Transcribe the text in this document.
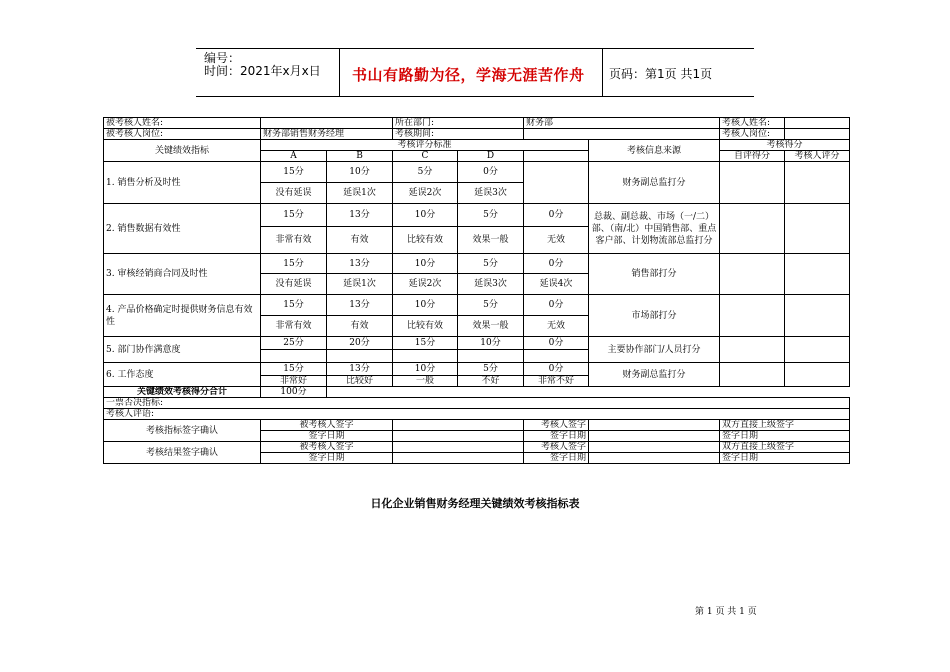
编号：
时间：2021年x月x日 书山有路勤为径，学海无涯苦作舟 页码：第1页 共1页
被考核人姓名:			所在部门:		财务部		考核人姓名:	
被考核人岗位:	财务部销售财务经理		考核期间:				考核人岗位:	
关键绩效指标	考核评分标准					考核信息来源	考核得分	
	A	B	C	D			自评得分	考核人评分
1. 销售分析及时性	15分	10分	5分	0分		财务副总监打分		
	没有延误	延误1次	延误2次	延误3次				
2. 销售数据有效性	15分	13分	10分	5分	0分	总裁、副总裁、市场（一/二）部、（南/北）中国销售部、重点客户部、计划物流部总监打分		
	非常有效	有效	比较有效	效果一般	无效			
3. 审核经销商合同及时性	15分	13分	10分	5分	0分	销售部打分		
	没有延误	延误1次	延误2次	延误3次	延误4次			
4. 产品价格确定时提供财务信息有效性	15分	13分	10分	5分	0分	市场部打分		
	非常有效	有效	比较有效	效果一般	无效			
5. 部门协作满意度	25分	20分	15分	10分	0分	主要协作部门/人员打分		

6. 工作态度	15分	13分	10分	5分	0分	财务副总监打分		
	非常好	比较好	一般	不好	非常不好			
关键绩效考核得分合计	100分							
一票否决指标:								
考核人评语:								
考核指标签字确认	被考核人签字				考核人签字		双方直接上级签字	
	签字日期				签字日期		签字日期	
考核结果签字确认	被考核人签字				考核人签字		双方直接上级签字	
	签字日期				签字日期		签字日期	
日化企业销售财务经理关键绩效考核指标表
第 1 页 共 1 页
